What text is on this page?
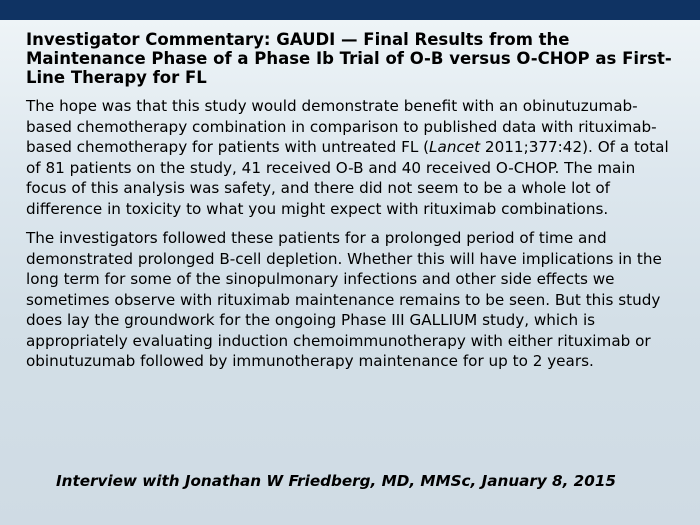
Investigator Commentary: GAUDI — Final Results from the Maintenance Phase of a Phase Ib Trial of O-B versus O-CHOP as First-Line Therapy for FL

The hope was that this study would demonstrate benefit with an obinutuzumab-based chemotherapy combination in comparison to published data with rituximab-based chemotherapy for patients with untreated FL (Lancet 2011;377:42). Of a total of 81 patients on the study, 41 received O-B and 40 received O-CHOP. The main focus of this analysis was safety, and there did not seem to be a whole lot of difference in toxicity to what you might expect with rituximab combinations.

The investigators followed these patients for a prolonged period of time and demonstrated prolonged B-cell depletion. Whether this will have implications in the long term for some of the sinopulmonary infections and other side effects we sometimes observe with rituximab maintenance remains to be seen. But this study does lay the groundwork for the ongoing Phase III GALLIUM study, which is appropriately evaluating induction chemoimmunotherapy with either rituximab or obinutuzumab followed by immunotherapy maintenance for up to 2 years.

Interview with Jonathan W Friedberg, MD, MMSc, January 8, 2015
